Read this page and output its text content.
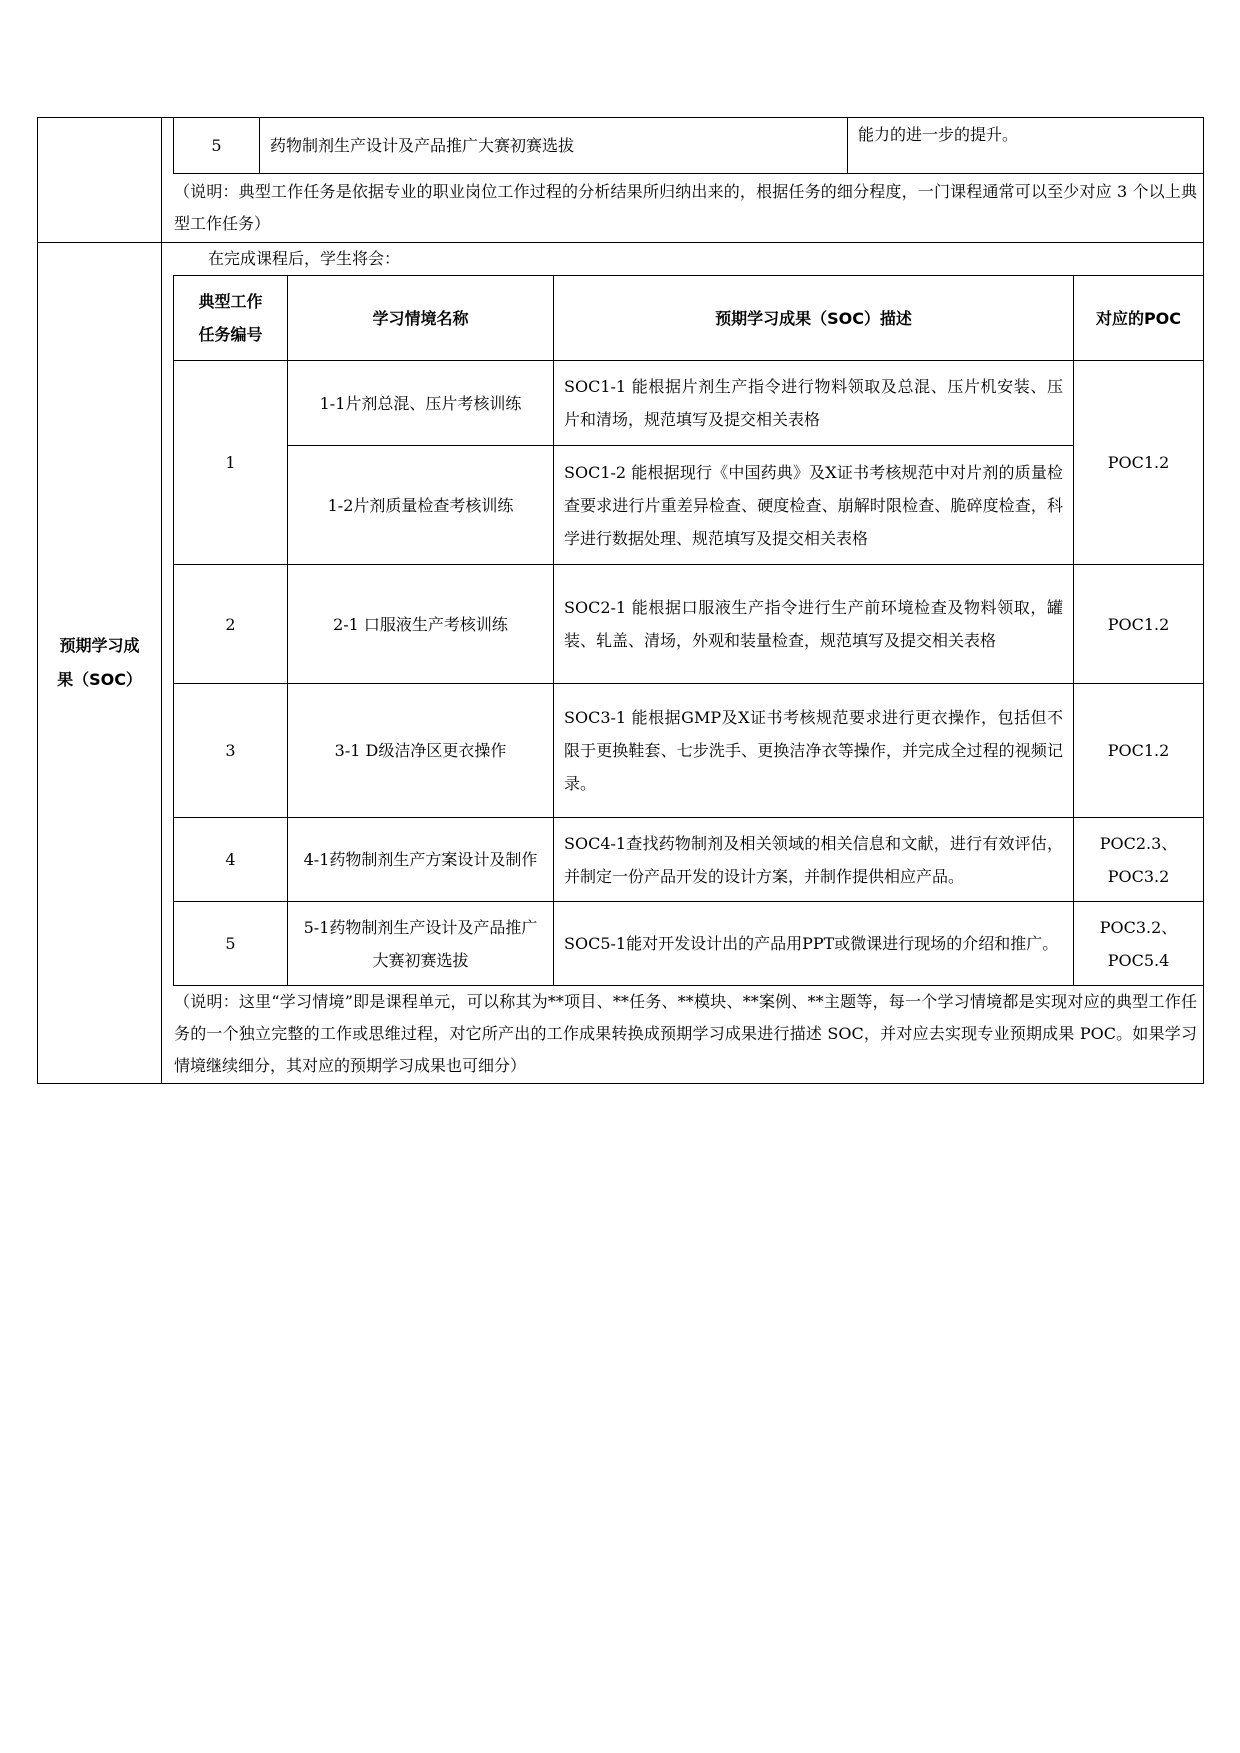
5	药物制剂生产设计及产品推广大赛初赛选拔	能力的进一步的提升。
（说明：典型工作任务是依据专业的职业岗位工作过程的分析结果所归纳出来的，根据任务的细分程度，一门课程通常可以至少对应 3 个以上典型工作任务）

预期学习成
果（SOC）

在完成课程后，学生将会：
典型工作
任务编号
	学习情境名称	预期学习成果（SOC）描述	对应的POC
1	1-1片剂总混、压片考核训练	SOC1-1 能根据片剂生产指令进行物料领取及总混、压片机安装、压片和清场，规范填写及提交相关表格	POC1.2
1-2片剂质量检查考核训练	SOC1-2 能根据现行《中国药典》及X证书考核规范中对片剂的质量检查要求进行片重差异检查、硬度检查、崩解时限检查、脆碎度检查，科学进行数据处理、规范填写及提交相关表格
2	2-1 口服液生产考核训练	SOC2-1 能根据口服液生产指令进行生产前环境检查及物料领取，罐装、轧盖、清场，外观和装量检查，规范填写及提交相关表格	POC1.2
3	3-1 D级洁净区更衣操作	SOC3-1 能根据GMP及X证书考核规范要求进行更衣操作，包括但不限于更换鞋套、七步洗手、更换洁净衣等操作，并完成全过程的视频记录。	POC1.2
4	4-1药物制剂生产方案设计及制作	SOC4-1查找药物制剂及相关领域的相关信息和文献，进行有效评估，并制定一份产品开发的设计方案，并制作提供相应产品。	POC2.3、POC3.2
5	5-1药物制剂生产设计及产品推广大赛初赛选拔	SOC5-1能对开发设计出的产品用PPT或微课进行现场的介绍和推广。	POC3.2、POC5.4
（说明：这里“学习情境”即是课程单元，可以称其为**项目、**任务、**模块、**案例、**主题等，每一个学习情境都是实现对应的典型工作任务的一个独立完整的工作或思维过程，对它所产出的工作成果转换成预期学习成果进行描述 SOC，并对应去实现专业预期成果 POC。如果学习情境继续细分，其对应的预期学习成果也可细分）
